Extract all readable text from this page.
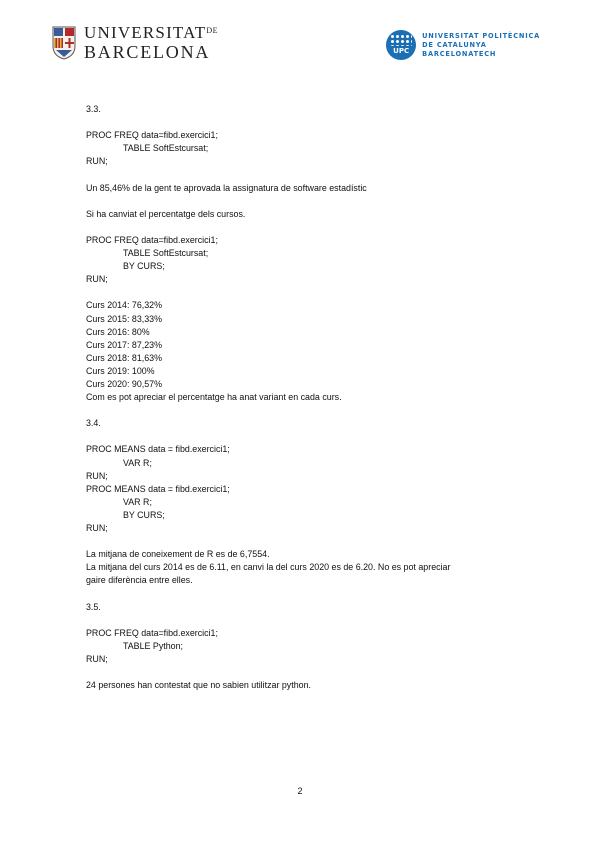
$UNIVERSITAT^{DE}$
BARCELONA	UPC
UNIVERSITAT POLITÈCNICA
DE CATALUNYA
BARCELONATECH
3.3.
PROC FREQ data=fibd.exercici1;
TABLE SoftEstcursat;
RUN;
Un 85,46% de la gent te aprovada la assignatura de software estadístic
Si ha canviat el percentatge dels cursos.
PROC FREQ data=fibd.exercici1;
TABLE SoftEstcursat;
BY CURS;
RUN;
Curs 2014: 76,32%
Curs 2015: 83,33%
Curs 2016: 80%
Curs 2017: 87,23%
Curs 2018: 81,63%
Curs 2019: 100%
Curs 2020: 90,57%
Com es pot apreciar el percentatge ha anat variant en cada curs.
3.4.
PROC MEANS data = fibd.exercici1;
VAR R;
RUN;
PROC MEANS data = fibd.exercici1;
VAR R;
BY CURS;
RUN;
La mitjana de coneixement de R es de 6,7554.
La mitjana del curs 2014 es de 6.11, en canvi la del curs 2020 es de 6.20. No es pot apreciar
gaire diferència entre elles.
3.5.
PROC FREQ data=fibd.exercici1;
TABLE Python;
RUN;
24 persones han contestat que no sabien utilitzar python.
2
